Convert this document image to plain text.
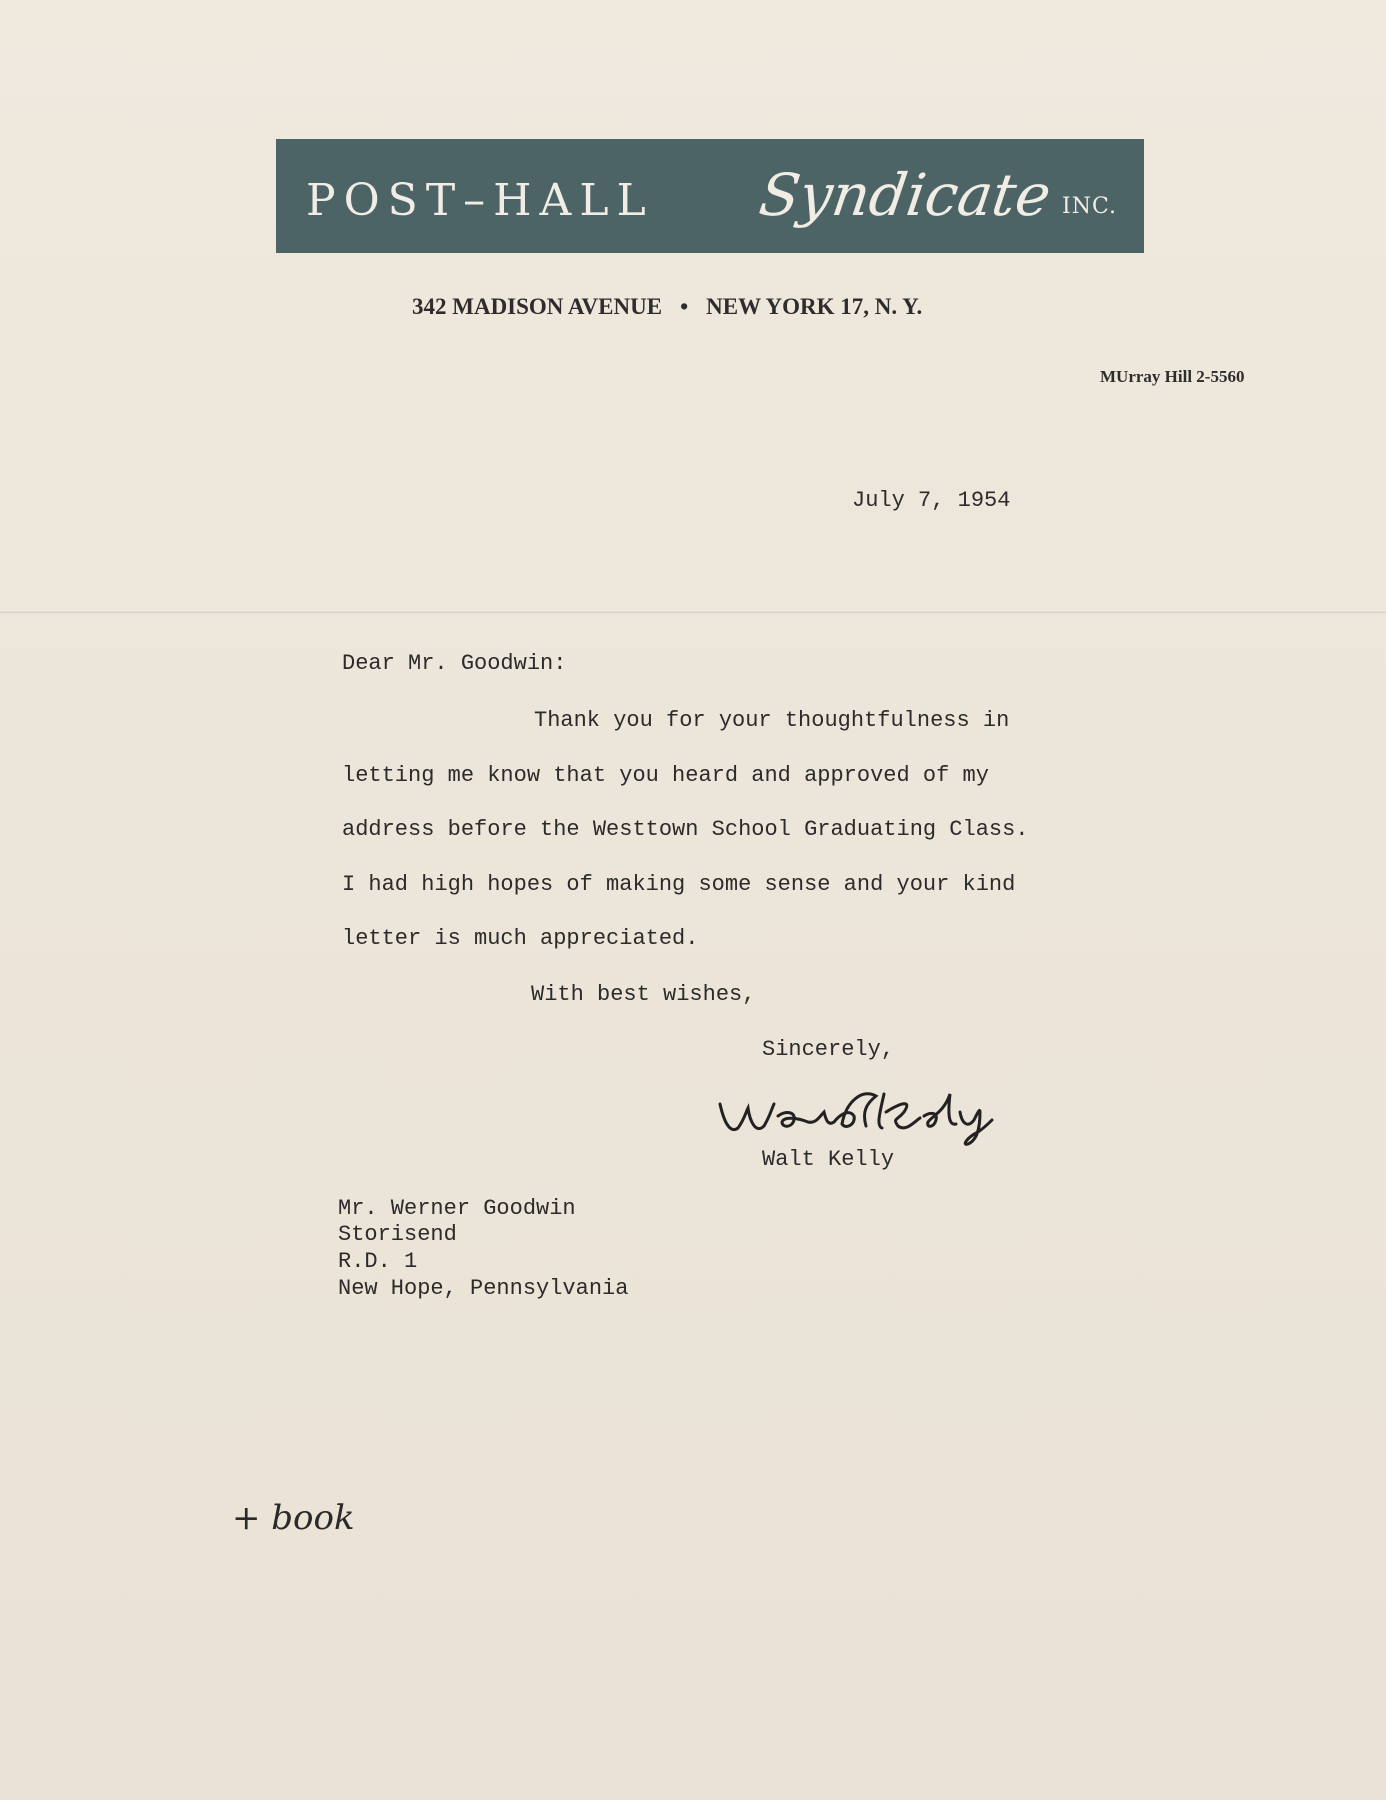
POST–HALL Syndicate INC.
342 MADISON AVENUE • NEW YORK 17, N. Y.
MUrray Hill 2-5560
July 7, 1954
Dear Mr. Goodwin:
Thank you for your thoughtfulness in
letting me know that you heard and approved of my
address before the Westtown School Graduating Class.
I had high hopes of making some sense and your kind
letter is much appreciated.
With best wishes,
Sincerely,
Walt Kelly
Mr. Werner Goodwin
Storisend
R.D. 1
New Hope, Pennsylvania
+ book
